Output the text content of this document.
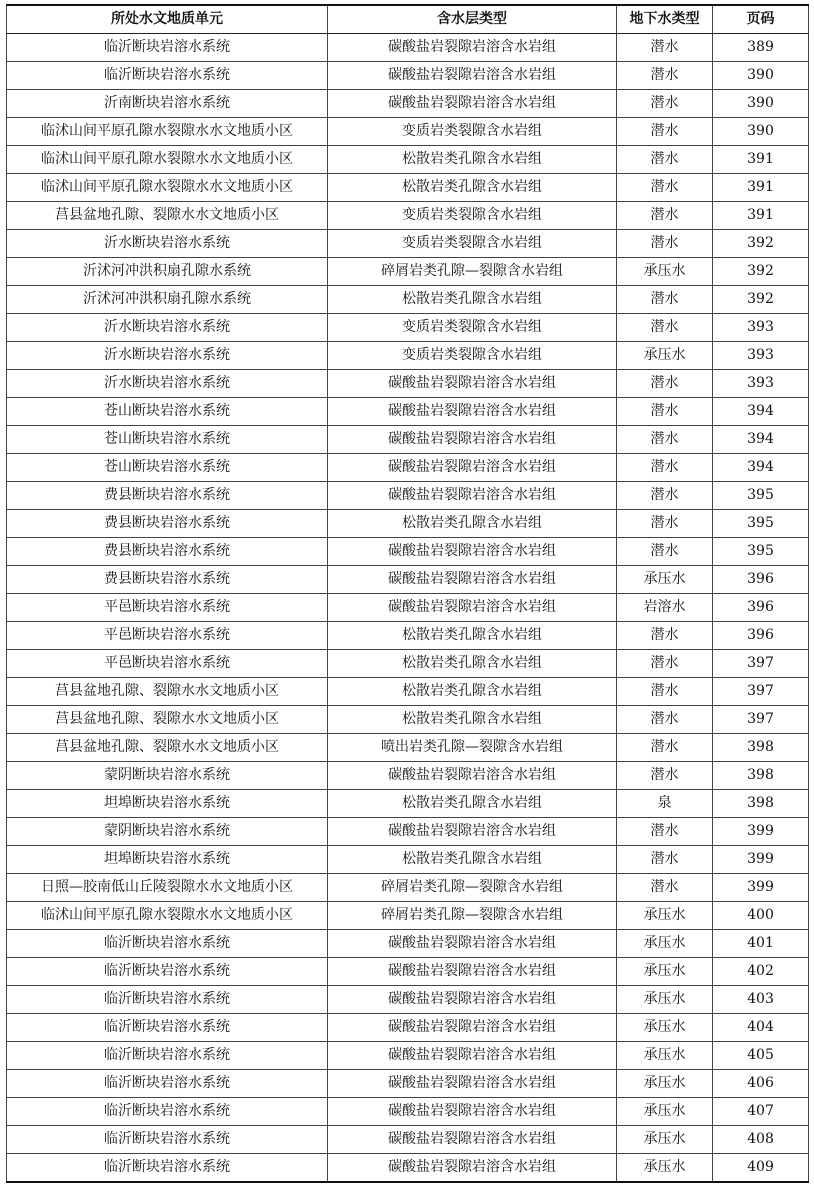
所处水文地质单元	含水层类型	地下水类型	页码
临沂断块岩溶水系统	碳酸盐岩裂隙岩溶含水岩组	潜水	389
临沂断块岩溶水系统	碳酸盐岩裂隙岩溶含水岩组	潜水	390
沂南断块岩溶水系统	碳酸盐岩裂隙岩溶含水岩组	潜水	390
临沭山间平原孔隙水裂隙水水文地质小区	变质岩类裂隙含水岩组	潜水	390
临沭山间平原孔隙水裂隙水水文地质小区	松散岩类孔隙含水岩组	潜水	391
临沭山间平原孔隙水裂隙水水文地质小区	松散岩类孔隙含水岩组	潜水	391
莒县盆地孔隙、裂隙水水文地质小区	变质岩类裂隙含水岩组	潜水	391
沂水断块岩溶水系统	变质岩类裂隙含水岩组	潜水	392
沂沭河冲洪积扇孔隙水系统	碎屑岩类孔隙—裂隙含水岩组	承压水	392
沂沭河冲洪积扇孔隙水系统	松散岩类孔隙含水岩组	潜水	392
沂水断块岩溶水系统	变质岩类裂隙含水岩组	潜水	393
沂水断块岩溶水系统	变质岩类裂隙含水岩组	承压水	393
沂水断块岩溶水系统	碳酸盐岩裂隙岩溶含水岩组	潜水	393
苍山断块岩溶水系统	碳酸盐岩裂隙岩溶含水岩组	潜水	394
苍山断块岩溶水系统	碳酸盐岩裂隙岩溶含水岩组	潜水	394
苍山断块岩溶水系统	碳酸盐岩裂隙岩溶含水岩组	潜水	394
费县断块岩溶水系统	碳酸盐岩裂隙岩溶含水岩组	潜水	395
费县断块岩溶水系统	松散岩类孔隙含水岩组	潜水	395
费县断块岩溶水系统	碳酸盐岩裂隙岩溶含水岩组	潜水	395
费县断块岩溶水系统	碳酸盐岩裂隙岩溶含水岩组	承压水	396
平邑断块岩溶水系统	碳酸盐岩裂隙岩溶含水岩组	岩溶水	396
平邑断块岩溶水系统	松散岩类孔隙含水岩组	潜水	396
平邑断块岩溶水系统	松散岩类孔隙含水岩组	潜水	397
莒县盆地孔隙、裂隙水水文地质小区	松散岩类孔隙含水岩组	潜水	397
莒县盆地孔隙、裂隙水水文地质小区	松散岩类孔隙含水岩组	潜水	397
莒县盆地孔隙、裂隙水水文地质小区	喷出岩类孔隙—裂隙含水岩组	潜水	398
蒙阴断块岩溶水系统	碳酸盐岩裂隙岩溶含水岩组	潜水	398
坦埠断块岩溶水系统	松散岩类孔隙含水岩组	泉	398
蒙阴断块岩溶水系统	碳酸盐岩裂隙岩溶含水岩组	潜水	399
坦埠断块岩溶水系统	松散岩类孔隙含水岩组	潜水	399
日照—胶南低山丘陵裂隙水水文地质小区	碎屑岩类孔隙—裂隙含水岩组	潜水	399
临沭山间平原孔隙水裂隙水水文地质小区	碎屑岩类孔隙—裂隙含水岩组	承压水	400
临沂断块岩溶水系统	碳酸盐岩裂隙岩溶含水岩组	承压水	401
临沂断块岩溶水系统	碳酸盐岩裂隙岩溶含水岩组	承压水	402
临沂断块岩溶水系统	碳酸盐岩裂隙岩溶含水岩组	承压水	403
临沂断块岩溶水系统	碳酸盐岩裂隙岩溶含水岩组	承压水	404
临沂断块岩溶水系统	碳酸盐岩裂隙岩溶含水岩组	承压水	405
临沂断块岩溶水系统	碳酸盐岩裂隙岩溶含水岩组	承压水	406
临沂断块岩溶水系统	碳酸盐岩裂隙岩溶含水岩组	承压水	407
临沂断块岩溶水系统	碳酸盐岩裂隙岩溶含水岩组	承压水	408
临沂断块岩溶水系统	碳酸盐岩裂隙岩溶含水岩组	承压水	409
